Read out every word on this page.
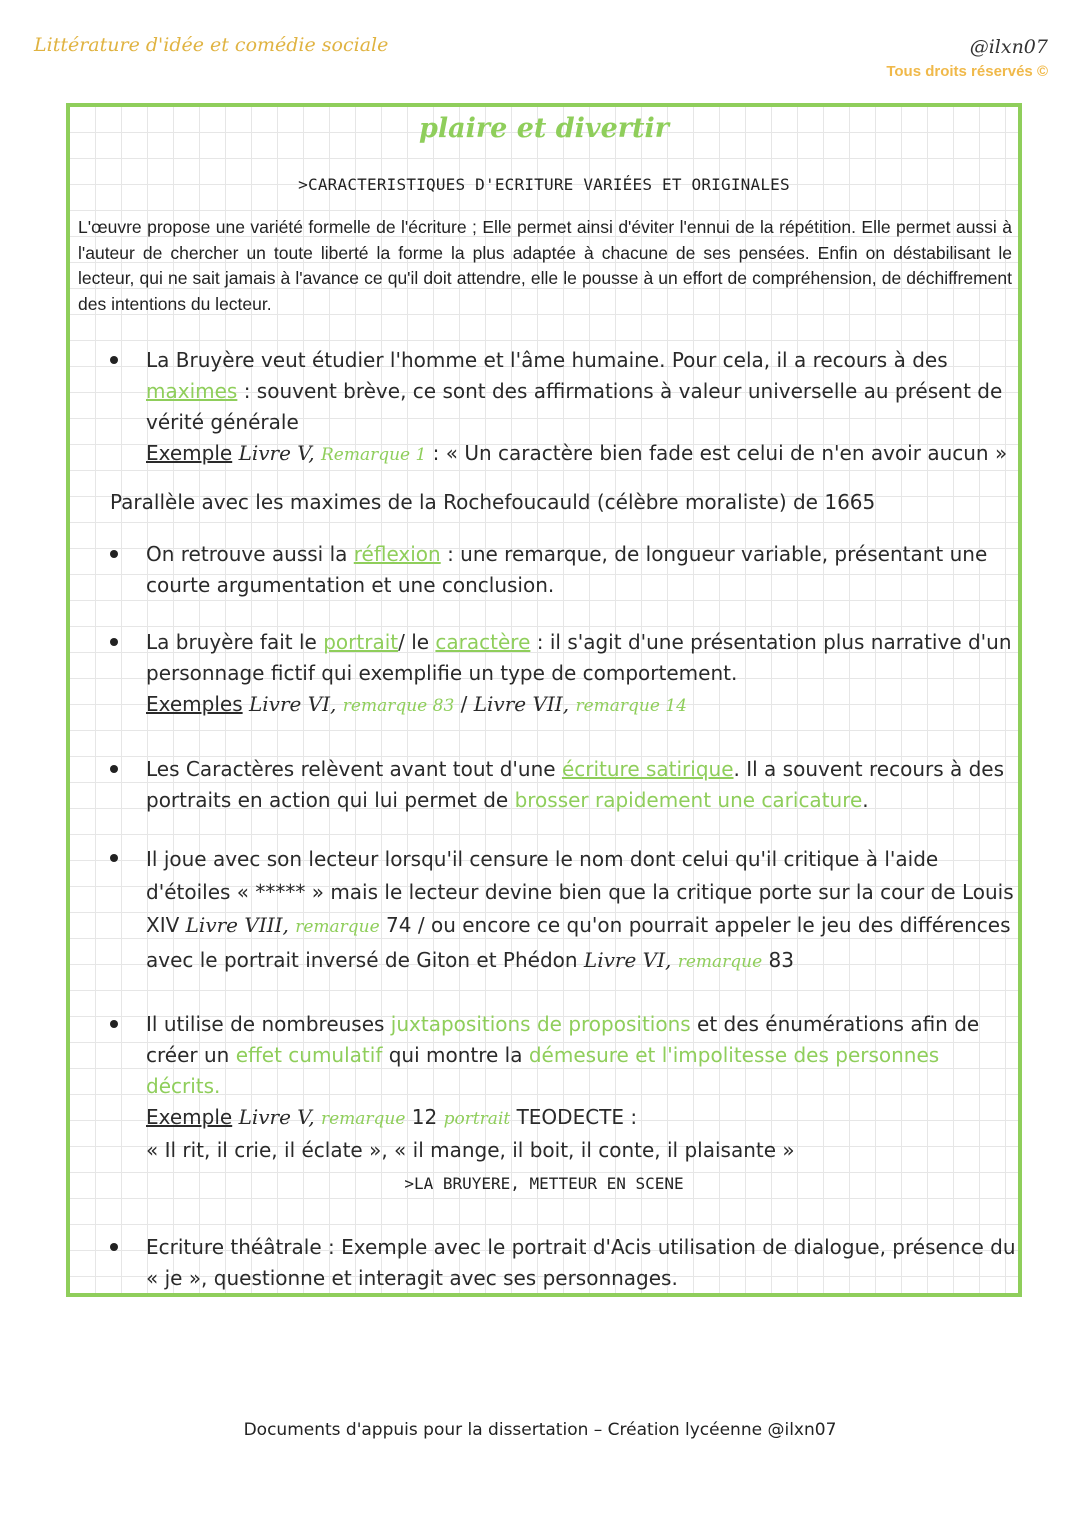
Littérature d'idée et comédie sociale	@ilxn07
Tous droits réservés ©
plaire et divertir
>CARACTERISTIQUES D'ECRITURE VARIÉES ET ORIGINALES
L'œuvre propose une variété formelle de l'écriture ; Elle permet ainsi d'éviter l'ennui de la répétition. Elle permet aussi à l'auteur de chercher un toute liberté la forme la plus adaptée à chacune de ses pensées. Enfin on déstabilisant le lecteur, qui ne sait jamais à l'avance ce qu'il doit attendre, elle le pousse à un effort de compréhension, de déchiffrement des intentions du lecteur.
La Bruyère veut étudier l'homme et l'âme humaine. Pour cela, il a recours à des maximes : souvent brève, ce sont des affirmations à valeur universelle au présent de vérité générale
Exemple Livre V, Remarque 1 : « Un caractère bien fade est celui de n'en avoir aucun »
Parallèle avec les maximes de la Rochefoucauld (célèbre moraliste) de 1665
On retrouve aussi la réflexion : une remarque, de longueur variable, présentant une courte argumentation et une conclusion.
La bruyère fait le portrait/ le caractère : il s'agit d'une présentation plus narrative d'un personnage fictif qui exemplifie un type de comportement.
Exemples Livre VI, remarque 83 / Livre VII, remarque 14
Les Caractères relèvent avant tout d'une écriture satirique. Il a souvent recours à des portraits en action qui lui permet de brosser rapidement une caricature.
Il joue avec son lecteur lorsqu'il censure le nom dont celui qu'il critique à l'aide d'étoiles « ***** » mais le lecteur devine bien que la critique porte sur la cour de Louis XIV Livre VIII, remarque 74 / ou encore ce qu'on pourrait appeler le jeu des différences avec le portrait inversé de Giton et Phédon Livre VI, remarque 83
Il utilise de nombreuses juxtapositions de propositions et des énumérations afin de créer un effet cumulatif qui montre la démesure et l'impolitesse des personnes décrits.
Exemple Livre V, remarque 12 portrait TEODECTE :
« Il rit, il crie, il éclate », « il mange, il boit, il conte, il plaisante »
>LA BRUYERE, METTEUR EN SCENE
Ecriture théâtrale : Exemple avec le portrait d'Acis utilisation de dialogue, présence du « je », questionne et interagit avec ses personnages.
Documents d'appuis pour la dissertation – Création lycéenne @ilxn07
